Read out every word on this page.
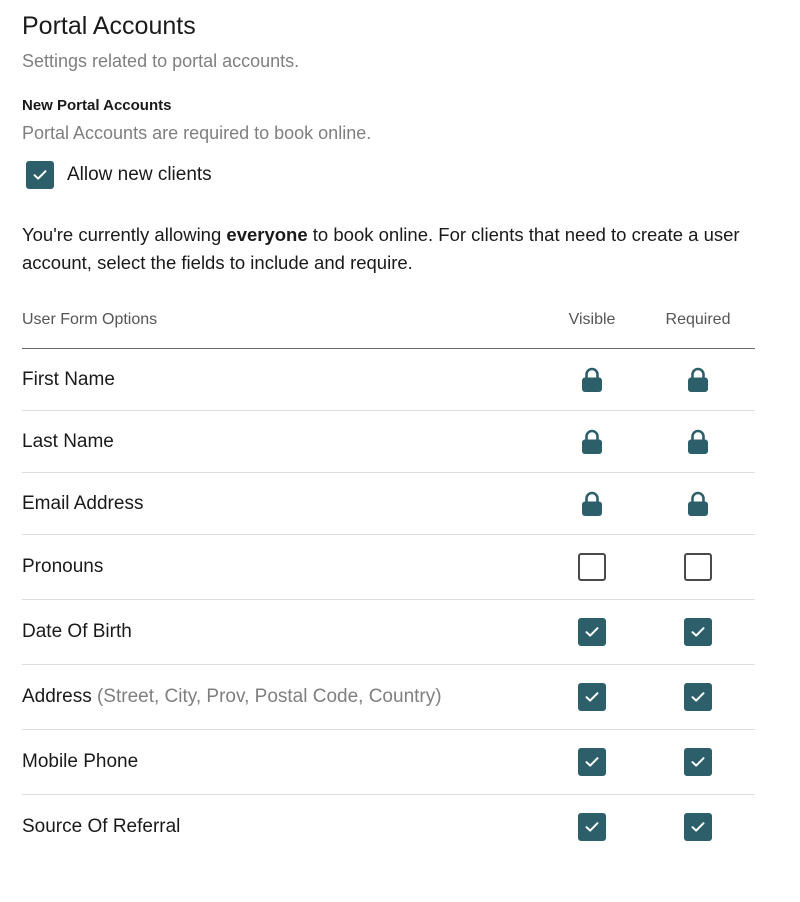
Portal Accounts
Settings related to portal accounts.
New Portal Accounts
Portal Accounts are required to book online.
Allow new clients
You're currently allowing everyone to book online. For clients that need to create a user account, select the fields to include and require.
User Form Options	Visible	Required
First Name
Last Name
Email Address
Pronouns
Date Of Birth
Address (Street, City, Prov, Postal Code, Country)
Mobile Phone
Source Of Referral
